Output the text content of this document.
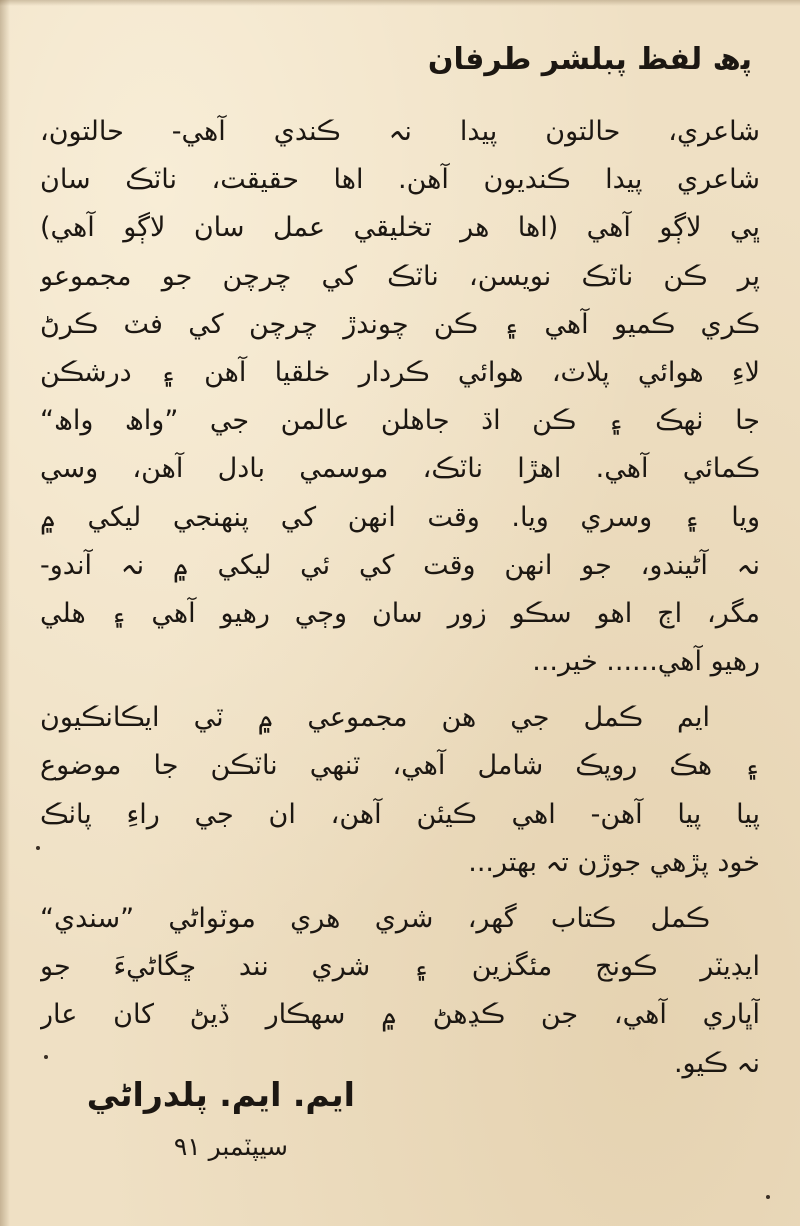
ﭘﮪ لفظ ﭘﺒﻠﺸﺮ طرفان
شاعري، حالتون پيدا نہ ڪندي آهي- حالتون،
شاعري پيدا ڪنديون آهن. اها حقيقت، ناٽڪ سان
ڀي لاڳو آهي (اها هر تخليقي عمل سان لاڳو آهي)
پر ڪن ناٽڪ نويسن، ناٽڪ کي چرچن جو مجموعو
ڪري ڪميو آهي ۽ ڪن چوندڙ چرچن کي فٽ ڪرڻ
لاءِ هوائي پلاٽ، هوائي ڪردار خلقيا آهن ۽ درشڪن
جا ٺهڪ ۽ ڪن اڌ جاهلن عالمن جي ”واھ واھ“
ڪمائي آهي. اهڙا ناٽڪ، موسمي بادل آهن، وسي
ويا ۽ وسري ويا. وقت انهن کي پنهنجي ليکي ۾
نہ آڻيندو، جو انهن وقت کي ئي ليکي ۾ نہ آندو-
مگر، اڄ اهو سڪو زور سان وڄي رهيو آهي ۽ هلي
رهيو آهي...... خير...
ايم ڪمل جي هن مجموعي ۾ ٽي ايڪانڪيون
۽ هڪ روپڪ شامل آهي، ٽنهي ناٽڪن جا موضوع
پيا پيا آهن- اهي ڪيئن آهن، ان جي راءِ پاٺڪ
خود پڙهي جوڙن تہ بهتر...
ڪمل ڪتاب گهر، شري هري موٽواڻي ”سندي“
ايڊيٽر ڪونج مئگزين ۽ شري نند ڇگاڻيءَ جو
آڀاري آهي، جن ڪڍهڻ ۾ سهڪار ڏيڻ کان عار
نہ ڪيو.
ايم. ايم. ﭘﻠﺪراڻي
سيپٽمبر ۹۱
